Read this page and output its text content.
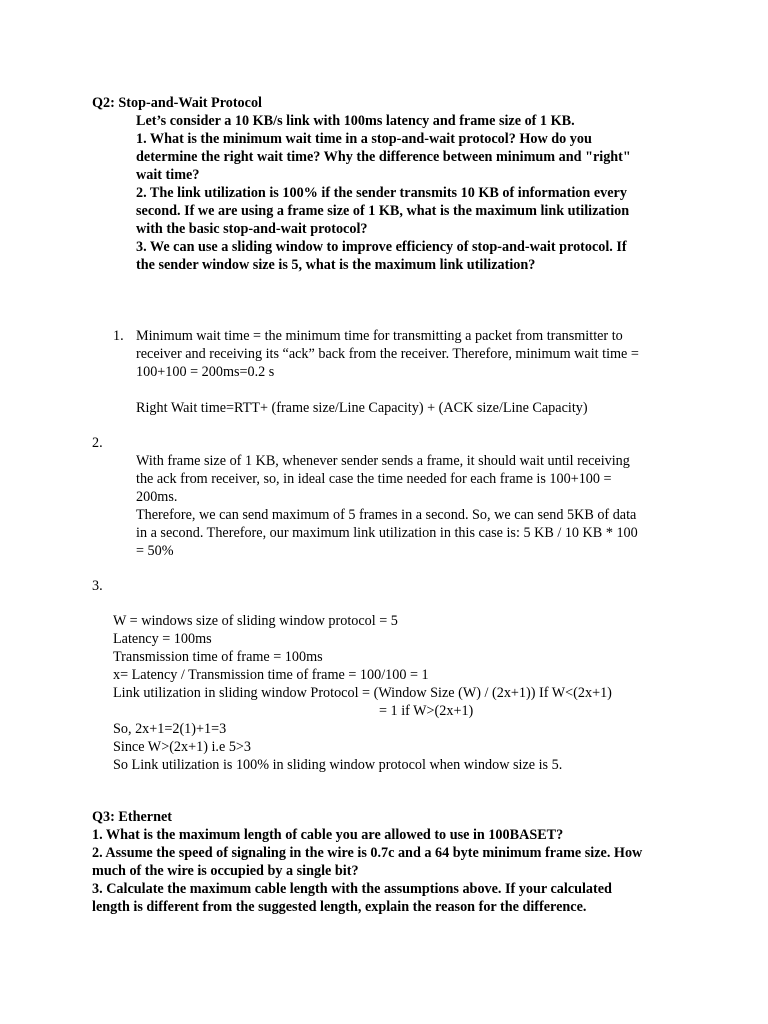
Q2: Stop-and-Wait Protocol
Let’s consider a 10 KB/s link with 100ms latency and frame size of 1 KB.
1. What is the minimum wait time in a stop-and-wait protocol? How do you
determine the right wait time? Why the difference between minimum and "right"
wait time?
2. The link utilization is 100% if the sender transmits 10 KB of information every
second. If we are using a frame size of 1 KB, what is the maximum link utilization
with the basic stop-and-wait protocol?
3. We can use a sliding window to improve efficiency of stop-and-wait protocol. If
the sender window size is 5, what is the maximum link utilization?
1. Minimum wait time = the minimum time for transmitting a packet from transmitter to
receiver and receiving its “ack” back from the receiver. Therefore, minimum wait time =
100+100 = 200ms=0.2 s
Right Wait time=RTT+ (frame size/Line Capacity) + (ACK size/Line Capacity)
2.
With frame size of 1 KB, whenever sender sends a frame, it should wait until receiving
the ack from receiver, so, in ideal case the time needed for each frame is 100+100 =
200ms.
Therefore, we can send maximum of 5 frames in a second. So, we can send 5KB of data
in a second. Therefore, our maximum link utilization in this case is: 5 KB / 10 KB * 100
= 50%
3.
W = windows size of sliding window protocol = 5
Latency = 100ms
Transmission time of frame = 100ms
x= Latency / Transmission time of frame = 100/100 = 1
Link utilization in sliding window Protocol = (Window Size (W) / (2x+1)) If W<(2x+1)
= 1 if W>(2x+1)
So, 2x+1=2(1)+1=3
Since W>(2x+1) i.e 5>3
So Link utilization is 100% in sliding window protocol when window size is 5.
Q3: Ethernet
1. What is the maximum length of cable you are allowed to use in 100BASET?
2. Assume the speed of signaling in the wire is 0.7c and a 64 byte minimum frame size. How
much of the wire is occupied by a single bit?
3. Calculate the maximum cable length with the assumptions above. If your calculated
length is different from the suggested length, explain the reason for the difference.
